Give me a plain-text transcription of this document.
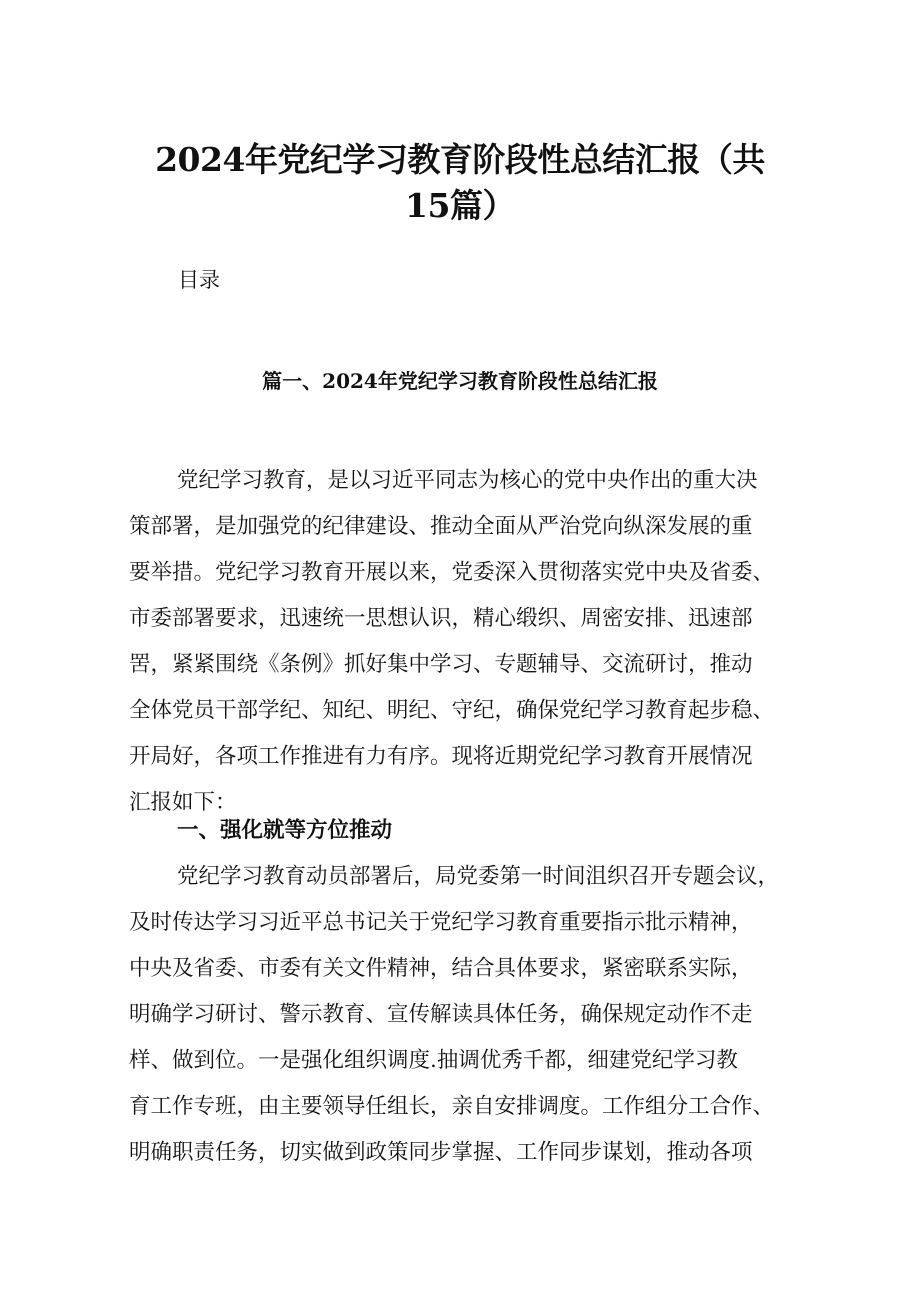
2024年党纪学习教育阶段性总结汇报（共
15篇）
目录
篇一、2024年党纪学习教育阶段性总结汇报
党纪学习教育，是以习近平同志为核心的党中央作出的重大决
策部署，是加强党的纪律建设、推动全面从严治党向纵深发展的重
要举措。党纪学习教育开展以来，党委深入贯彻落实党中央及省委、
市委部署要求，迅速统一思想认识，精心缎织、周密安排、迅速部
罟，紧紧围绕《条例》抓好集中学习、专题辅导、交流研讨，推动
全体党员干部学纪、知纪、明纪、守纪，确保党纪学习教育起步稳、
开局好，各项工作推进有力有序。现将近期党纪学习教育开展情况
汇报如下：
一、强化就等方位推动
党纪学习教育动员部署后，局党委第一时间沮织召开专题会议，
及时传达学习习近平总书记关于党纪学习教育重要指示批示精神，
中央及省委、市委有关文件精神，结合具体要求，紧密联系实际，
明确学习研讨、警示教育、宣传解读具体任务，确保规定动作不走
样、做到位。一是强化组织调度.抽调优秀千都，细建党纪学习教
育工作专班，由主要领导任组长，亲自安排调度。工作组分工合作、
明确职责任务，切实做到政策同步掌握、工作同步谋划，推动各项
